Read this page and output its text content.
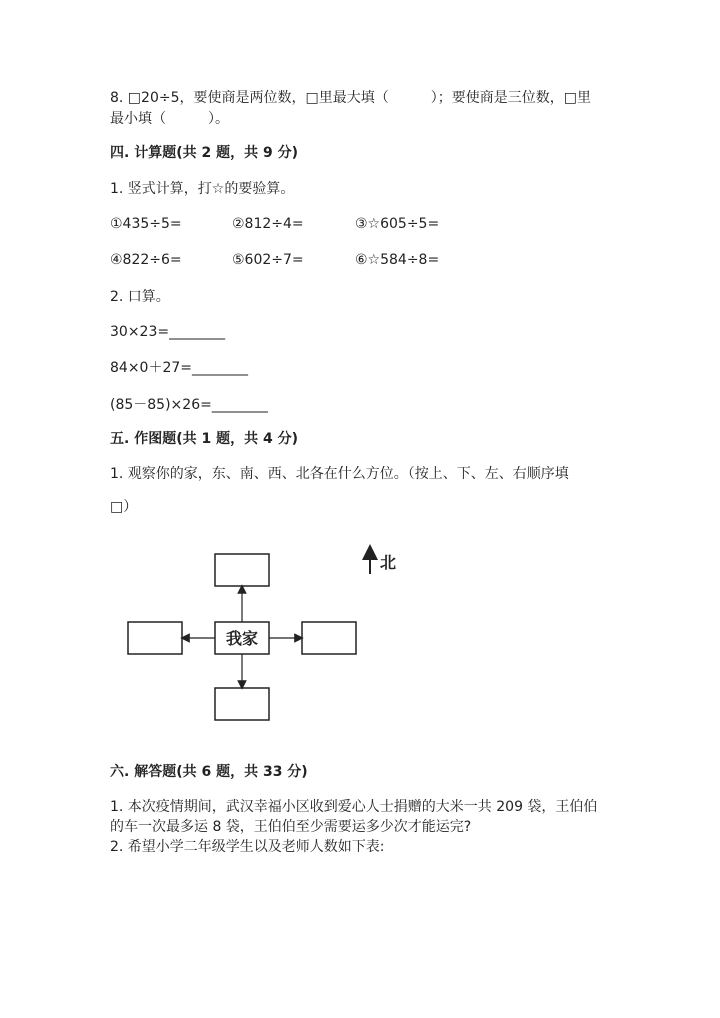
8. □20÷5，要使商是两位数，□里最大填（　　　）；要使商是三位数，□里
最小填（　　　）。
四. 计算题(共 2 题，共 9 分)
1. 竖式计算，打☆的要验算。
①435÷5=	②812÷4=	③☆605÷5=
④822÷6=	⑤602÷7=	⑥☆584÷8=
2. 口算。
30×23=________
84×0＋27=________
(85－85)×26=________
五. 作图题(共 1 题，共 4 分)
1. 观察你的家，东、南、西、北各在什么方位。（按上、下、左、右顺序填
□）
我家
北
六. 解答题(共 6 题，共 33 分)
1. 本次疫情期间，武汉幸福小区收到爱心人士捐赠的大米一共 209 袋，王伯伯
的车一次最多运 8 袋，王伯伯至少需要运多少次才能运完?
2. 希望小学二年级学生以及老师人数如下表:
